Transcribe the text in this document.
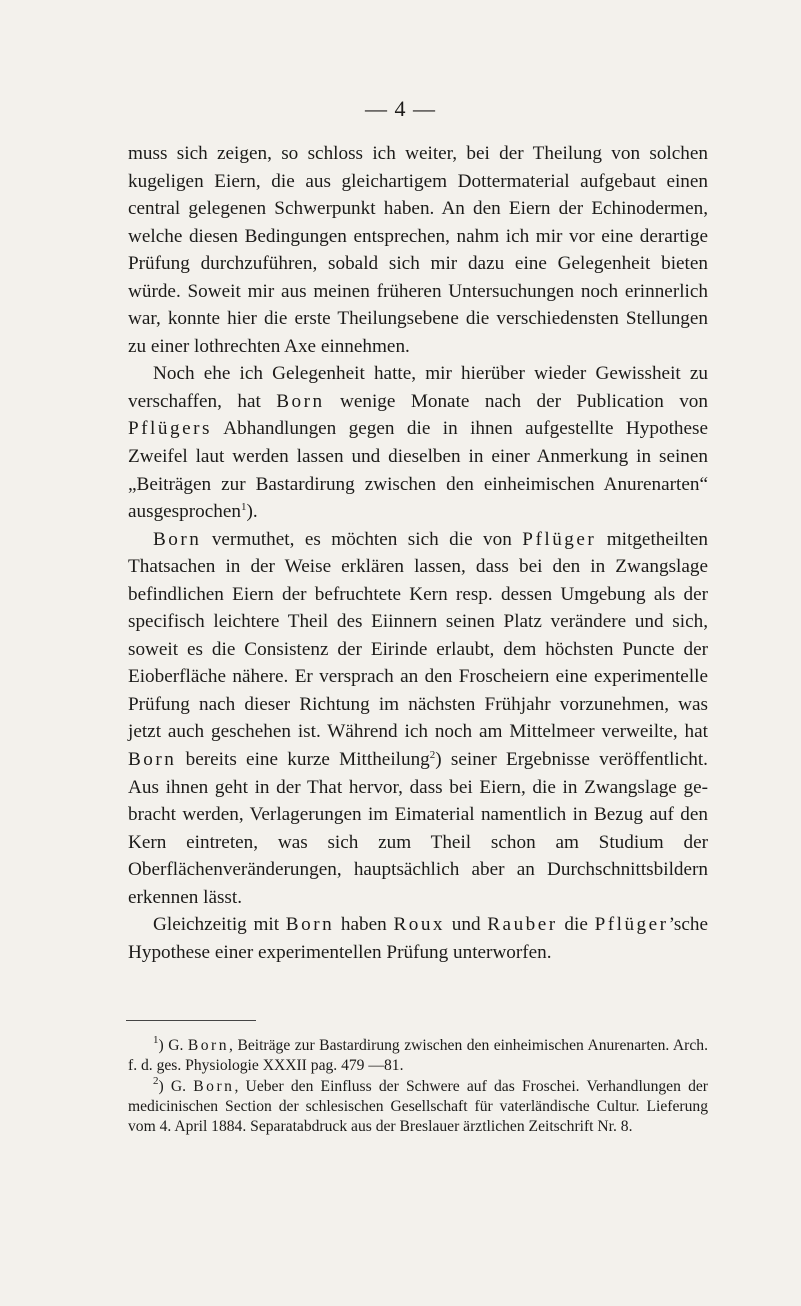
— 4 —

muss sich zeigen, so schloss ich weiter, bei der Theilung von solchen kugeligen Eiern, die aus gleichartigem Dottermaterial aufgebaut einen central gelegenen Schwerpunkt haben. An den Eiern der Echinodermen, welche diesen Bedingungen entsprechen, nahm ich mir vor eine derartige Prüfung durchzuführen, sobald sich mir dazu eine Gelegenheit bieten würde. Soweit mir aus meinen früheren Untersuchungen noch erinnerlich war, konnte hier die erste Theilungsebene die verschiedensten Stellungen zu einer lothrechten Axe einnehmen.

Noch ehe ich Gelegenheit hatte, mir hierüber wieder Gewissheit zu verschaffen, hat Born wenige Monate nach der Publication von Pflügers Abhandlungen gegen die in ihnen aufgestellte Hypothese Zweifel laut werden lassen und dieselben in einer Anmerkung in seinen „Beiträgen zur Bastardirung zwischen den einheimischen Anurenarten“ ausgesprochen$^1$).

Born vermuthet, es möchten sich die von Pflüger mitgetheilten Thatsachen in der Weise erklären lassen, dass bei den in Zwangslage befindlichen Eiern der befruchtete Kern resp. dessen Umgebung als der specifisch leichtere Theil des Eiinnern seinen Platz verändere und sich, soweit es die Consistenz der Eirinde erlaubt, dem höchsten Puncte der Eioberfläche nähere. Er versprach an den Froscheiern eine experimentelle Prüfung nach dieser Richtung im nächsten Frühjahr vorzunehmen, was jetzt auch geschehen ist. Während ich noch am Mittelmeer verweilte, hat Born bereits eine kurze Mittheilung$^2$) seiner Ergebnisse veröffentlicht. Aus ihnen geht in der That hervor, dass bei Eiern, die in Zwangslage gebracht werden, Verlagerungen im Eimaterial namentlich in Bezug auf den Kern eintreten, was sich zum Theil schon am Studium der Oberflächenveränderungen, hauptsächlich aber an Durchschnittsbildern erkennen lässt.

Gleichzeitig mit Born haben Roux und Rauber die Pflüger’sche Hypothese einer experimentellen Prüfung unterworfen.

$^1$) G. Born, Beiträge zur Bastardirung zwischen den einheimischen Anurenarten. Arch. f. d. ges. Physiologie XXXII pag. 479 —81.

$^2$) G. Born, Ueber den Einfluss der Schwere auf das Froschei. Verhandlungen der medicinischen Section der schlesischen Gesellschaft für vaterländische Cultur. Lieferung vom 4. April 1884. Separatabdruck aus der Breslauer ärztlichen Zeitschrift Nr. 8.
